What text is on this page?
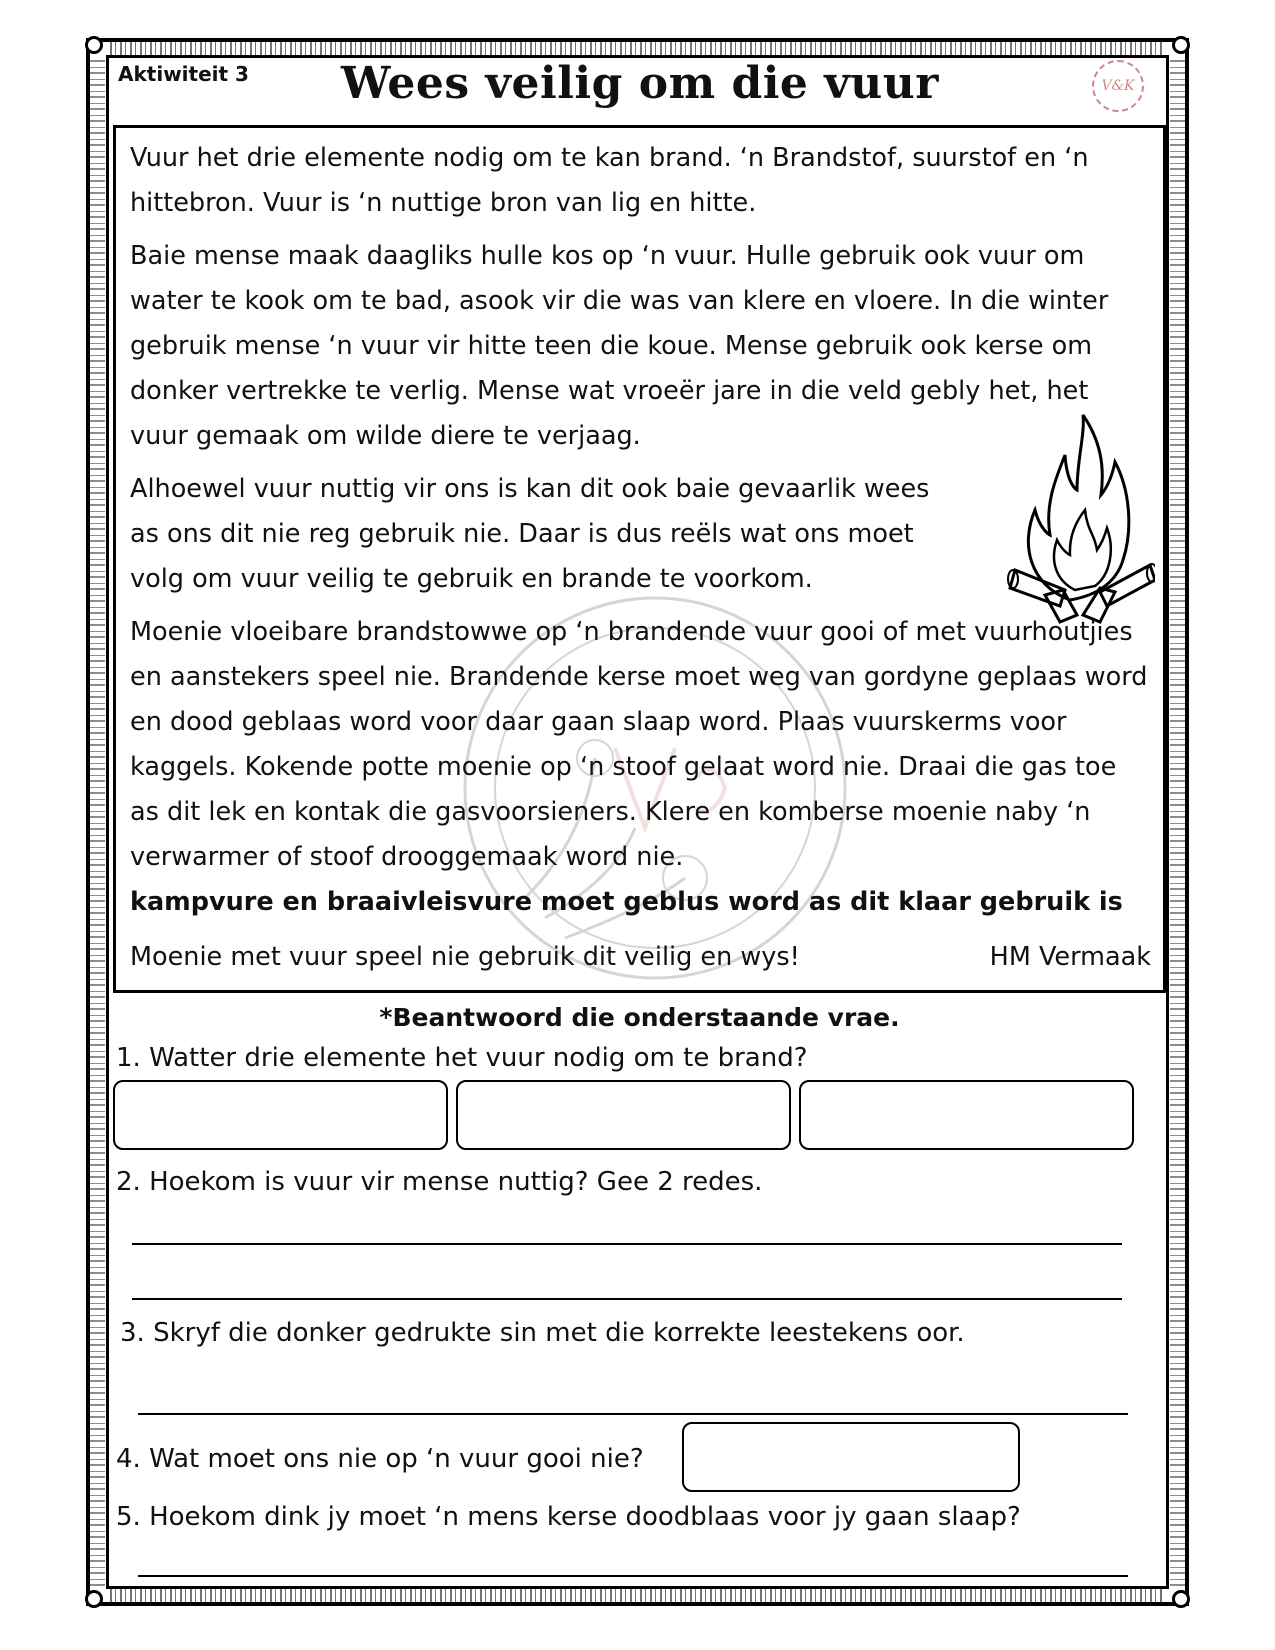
Aktiwiteit 3 Wees veilig om die vuur	V&K

Vuur het drie elemente nodig om te kan brand. ‘n Brandstof, suurstof en ‘n hittebron. Vuur is ‘n nuttige bron van lig en hitte.

Baie mense maak daagliks hulle kos op ‘n vuur. Hulle gebruik ook vuur om water te kook om te bad, asook vir die was van klere en vloere. In die winter gebruik mense ‘n vuur vir hitte teen die koue. Mense gebruik ook kerse om donker vertrekke te verlig. Mense wat vroeër jare in die veld gebly het, het vuur gemaak om wilde diere te verjaag.

Alhoewel vuur nuttig vir ons is kan dit ook baie gevaarlik wees as ons dit nie reg gebruik nie. Daar is dus reëls wat ons moet volg om vuur veilig te gebruik en brande te voorkom.

Moenie vloeibare brandstowwe op ‘n brandende vuur gooi of met vuurhoutjies en aanstekers speel nie. Brandende kerse moet weg van gordyne geplaas word en dood geblaas word voor daar gaan slaap word. Plaas vuurskerms voor kaggels. Kokende potte moenie op ‘n stoof gelaat word nie. Draai die gas toe as dit lek en kontak die gasvoorsieners. Klere en komberse moenie naby ‘n verwarmer of stoof drooggemaak word nie.

kampvure en braaivleisvure moet geblus word as dit klaar gebruik is

Moenie met vuur speel nie gebruik dit veilig en wys!	HM Vermaak
*Beantwoord die onderstaande vrae.
1. Watter drie elemente het vuur nodig om te brand?
2. Hoekom is vuur vir mense nuttig? Gee 2 redes.
3. Skryf die donker gedrukte sin met die korrekte leestekens oor.
4. Wat moet ons nie op ‘n vuur gooi nie?
5. Hoekom dink jy moet ‘n mens kerse doodblaas voor jy gaan slaap?
